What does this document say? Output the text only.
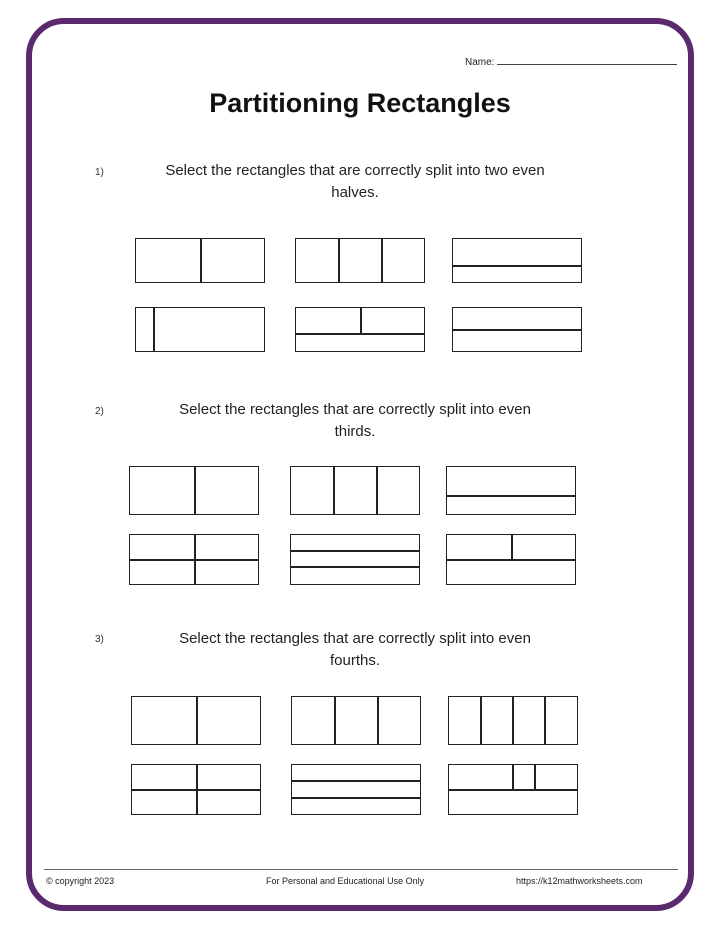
Name:
Partitioning Rectangles
1)	Select the rectangles that are correctly split into two even
halves.
2)	Select the rectangles that are correctly split into even
thirds.
3)	Select the rectangles that are correctly split into even
fourths.
© copyright 2023	For Personal and Educational Use Only	https://k12mathworksheets.com
